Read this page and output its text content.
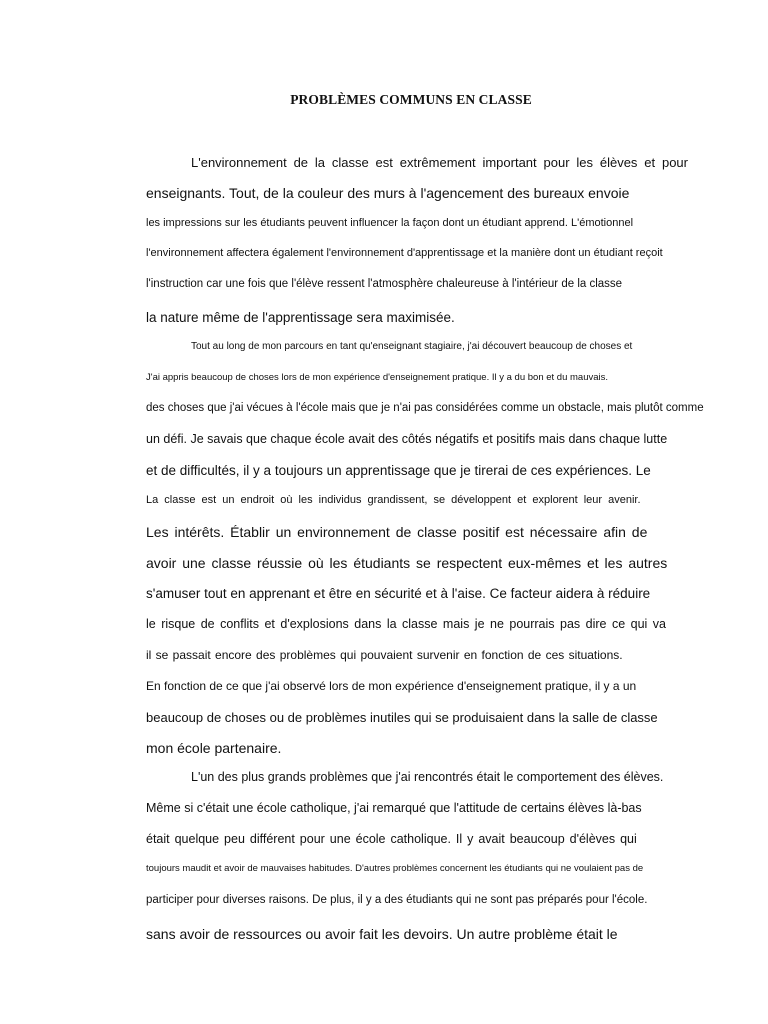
PROBLÈMES COMMUNS EN CLASSE
L'environnement de la classe est extrêmement important pour les élèves et pour
enseignants. Tout, de la couleur des murs à l'agencement des bureaux envoie
les impressions sur les étudiants peuvent influencer la façon dont un étudiant apprend. L'émotionnel
l'environnement affectera également l'environnement d'apprentissage et la manière dont un étudiant reçoit
l'instruction car une fois que l'élève ressent l'atmosphère chaleureuse à l'intérieur de la classe
la nature même de l'apprentissage sera maximisée.
Tout au long de mon parcours en tant qu'enseignant stagiaire, j'ai découvert beaucoup de choses et
J'ai appris beaucoup de choses lors de mon expérience d'enseignement pratique. Il y a du bon et du mauvais.
des choses que j'ai vécues à l'école mais que je n'ai pas considérées comme un obstacle, mais plutôt comme
un défi. Je savais que chaque école avait des côtés négatifs et positifs mais dans chaque lutte
et de difficultés, il y a toujours un apprentissage que je tirerai de ces expériences. Le
La classe est un endroit où les individus grandissent, se développent et explorent leur avenir.
Les intérêts. Établir un environnement de classe positif est nécessaire afin de
avoir une classe réussie où les étudiants se respectent eux-mêmes et les autres
s'amuser tout en apprenant et être en sécurité et à l'aise. Ce facteur aidera à réduire
le risque de conflits et d'explosions dans la classe mais je ne pourrais pas dire ce qui va
il se passait encore des problèmes qui pouvaient survenir en fonction de ces situations.
En fonction de ce que j'ai observé lors de mon expérience d'enseignement pratique, il y a un
beaucoup de choses ou de problèmes inutiles qui se produisaient dans la salle de classe
mon école partenaire.
L'un des plus grands problèmes que j'ai rencontrés était le comportement des élèves.
Même si c'était une école catholique, j'ai remarqué que l'attitude de certains élèves là-bas
était quelque peu différent pour une école catholique. Il y avait beaucoup d'élèves qui
toujours maudit et avoir de mauvaises habitudes. D'autres problèmes concernent les étudiants qui ne voulaient pas de
participer pour diverses raisons. De plus, il y a des étudiants qui ne sont pas préparés pour l'école.
sans avoir de ressources ou avoir fait les devoirs. Un autre problème était le
